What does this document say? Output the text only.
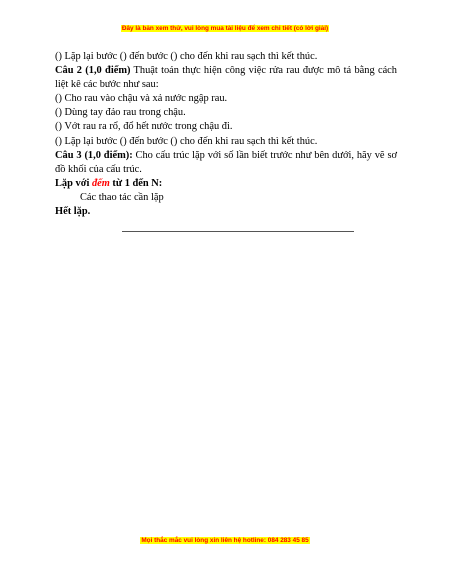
Đây là bản xem thử, vui lòng mua tài liệu để xem chi tiết (có lời giải)

() Lặp lại bước () đến bước () cho đến khi rau sạch thì kết thúc.

Câu 2 (1,0 điểm) Thuật toán thực hiện công việc rửa rau được mô tả bằng cách liệt kê các bước như sau:

() Cho rau vào chậu và xả nước ngập rau.

() Dùng tay đảo rau trong chậu.

() Vớt rau ra rổ, đổ hết nước trong chậu đi.

() Lặp lại bước () đến bước () cho đến khi rau sạch thì kết thúc.

Câu 3 (1,0 điểm): Cho cấu trúc lặp với số lần biết trước như bên dưới, hãy vẽ sơ đồ khối của cấu trúc.

Lặp với đếm từ 1 đến N:

Các thao tác cần lặp

Hết lặp.

Mọi thắc mắc vui lòng xin liên hệ hotline: 084 283 45 85
